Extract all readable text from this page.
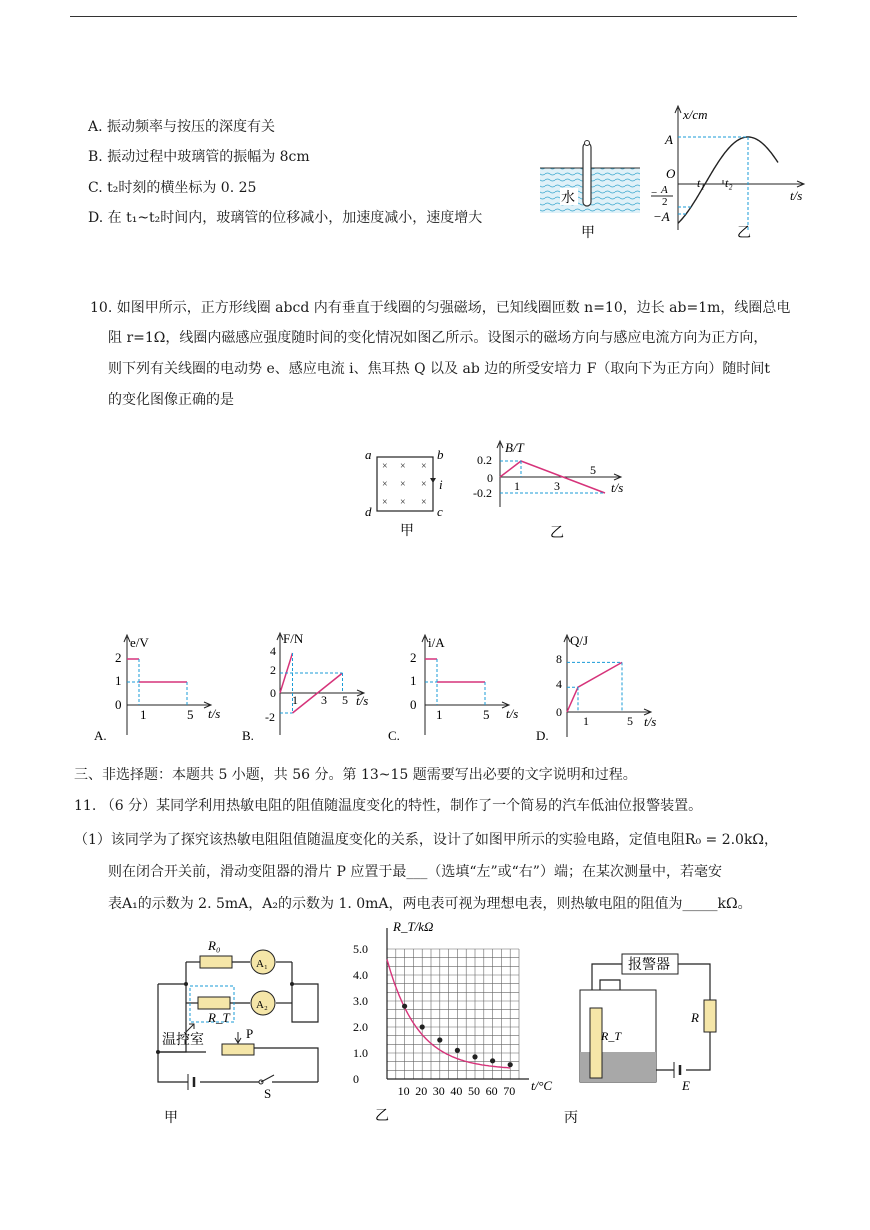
A. 振动频率与按压的深度有关
B. 振动过程中玻璃管的振幅为 8cm
C. t₂时刻的横坐标为 0. 25
D. 在 t₁~t₂时间内，玻璃管的位移减小，加速度减小，速度增大
水
甲
x/cm
t/s
A
O
A
−
2
−A
t₁ t₂
乙
10. 如图甲所示，正方形线圈 abcd 内有垂直于线圈的匀强磁场，已知线圈匝数 n=10，边长 ab=1m，线圈总电
阻 r=1Ω，线圈内磁感应强度随时间的变化情况如图乙所示。设图示的磁场方向与感应电流方向为正方向，
则下列有关线圈的电动势 e、感应电流 i、焦耳热 Q 以及 ab 边的所受安培力 F（取向下为正方向）随时间t
的变化图像正确的是
× × ×
× × ×
× × ×
a	b
c
d
i
甲
B/T
t/s
0.2
0
-0.2 1	3
5
乙
e/V
t/s
2
1
0
1	5
A.
F/N
t/s
4
2
0
-2
1 3 5
B.
i/A
t/s
2
1
0
1	5
C.
Q/J
t/s
8
4
0
1	5
D.
三、非选择题：本题共 5 小题，共 56 分。第 13~15 题需要写出必要的文字说明和过程。
11. （6 分）某同学利用热敏电阻的阻值随温度变化的特性，制作了一个简易的汽车低油位报警装置。
（1）该同学为了探究该热敏电阻阻值随温度变化的关系，设计了如图甲所示的实验电路，定值电阻R₀ = 2.0kΩ，
则在闭合开关前，滑动变阻器的滑片 P 应置于最___（选填“左”或“右”）端；在某次测量中，若毫安
表A₁的示数为 2. 5mA，A₂的示数为 1. 0mA，两电表可视为理想电表，则热敏电阻的阻值为_____kΩ。
R₀
A₁
R_T
A₂
温控室	P
S
甲
R_T/kΩ
t/°C
0
1.0
2.0
3.0
4.0
5.0
10 20 30 40 50 60 70
乙
报警器
R
E
R_T
丙
